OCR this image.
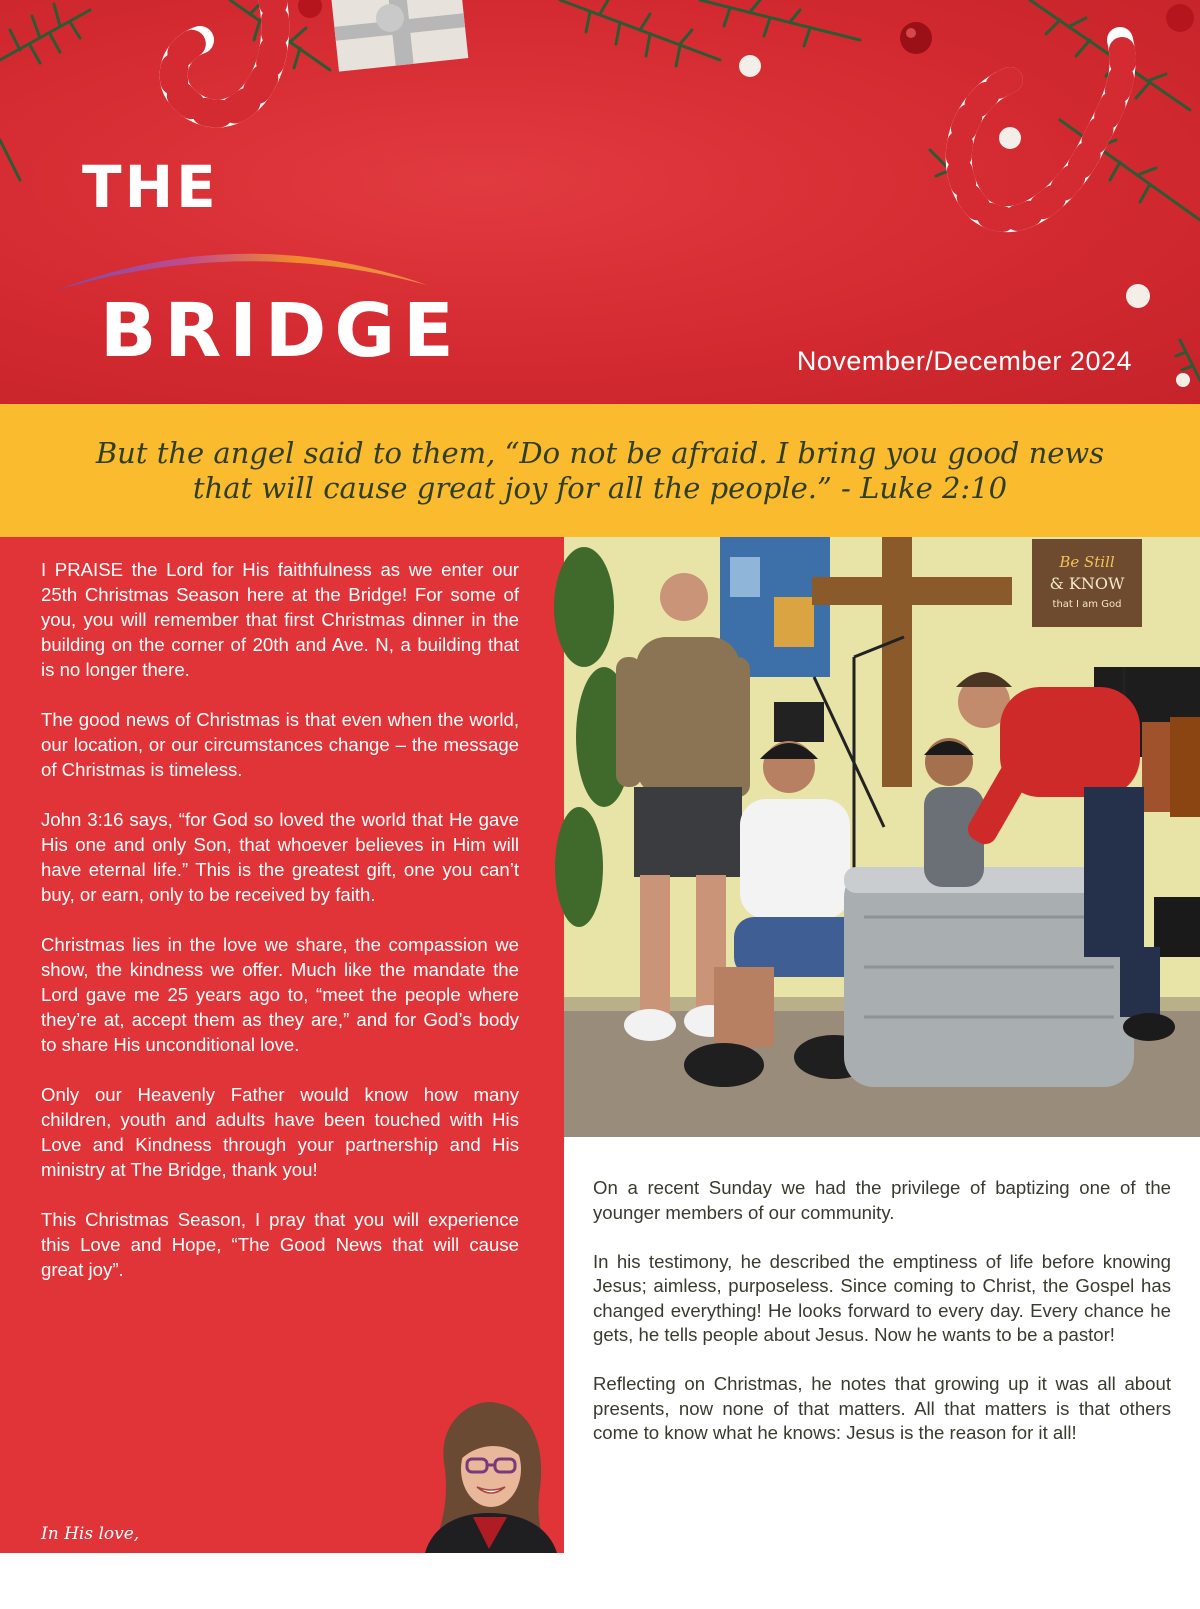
THE
BRIDGE	November/December 2024
But the angel said to them, “Do not be afraid. I bring you good news that will cause great joy for all the people.” - Luke 2:10

I PRAISE the Lord for His faithfulness as we enter our 25th Christmas Season here at the Bridge! For some of you, you will remember that first Christmas dinner in the building on the corner of 20th and Ave. N, a building that is no longer there.

The good news of Christmas is that even when the world, our location, or our circumstances change – the message of Christmas is timeless.

John 3:16 says, “for God so loved the world that He gave His one and only Son, that whoever believes in Him will have eternal life.” This is the greatest gift, one you can’t buy, or earn, only to be received by faith.

Christmas lies in the love we share, the compassion we show, the kindness we offer. Much like the mandate the Lord gave me 25 years ago to, “meet the people where they’re at, accept them as they are,” and for God’s body to share His unconditional love.

Only our Heavenly Father would know how many children, youth and adults have been touched with His Love and Kindness through your partnership and His ministry at The Bridge, thank you!

This Christmas Season, I pray that you will experience this Love and Hope, “The Good News that will cause great joy”.

In His love,
Linda Walker
Founder and Executive Director
Be Still
& KNOW
that I am God

On a recent Sunday we had the privilege of baptizing one of the younger members of our community.

In his testimony, he described the emptiness of life before knowing Jesus; aimless, purposeless. Since coming to Christ, the Gospel has changed everything! He looks forward to every day. Every chance he gets, he tells people about Jesus. Now he wants to be a pastor!

Reflecting on Christmas, he notes that growing up it was all about presents, now none of that matters. All that matters is that others come to know what he knows: Jesus is the reason for it all!
